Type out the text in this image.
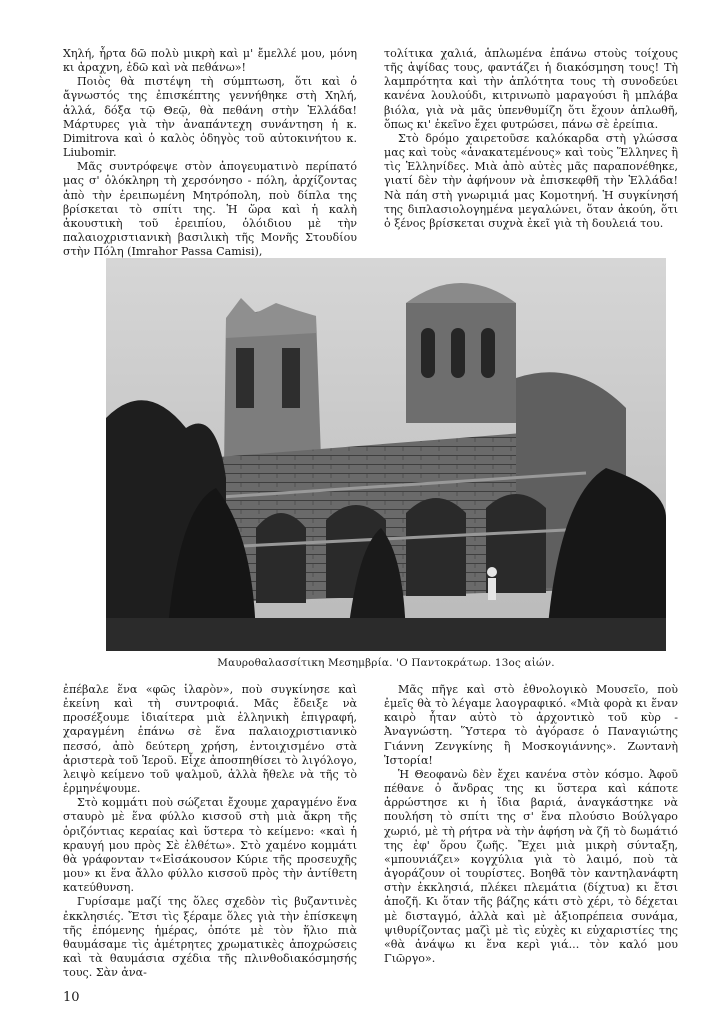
Χηλή, ἦρτα δῶ πολὺ μικρὴ καὶ μ' ἔμελλέ μου, μόνη κι ἀραχνη, ἐδῶ καὶ νὰ πεθάνω»!

Ποιὸς θὰ πιστέψη τὴ σύμπτωση, ὅτι καὶ ὁ ἄγνωστός της ἐπισκέπτης γεννήθηκε στὴ Χηλή, ἀλλά, δόξα τῷ Θεῷ, θὰ πεθάνη στὴν Ἑλλάδα! Μάρτυρες γιὰ τὴν ἀναπάντεχη συνάντηση ἡ κ. Dimitrova καὶ ὁ καλὸς ὁδηγὸς τοῦ αὐτοκινήτου κ. Liubomir.

Μᾶς συντρόφεψε στὸν ἀπογευματινὸ περίπατό μας σ' ὁλόκληρη τὴ χερσόνησο - πόλη, ἀρχίζοντας ἀπὸ τὴν ἐρειπωμένη Μητρόπολη, ποὺ δίπλα της βρίσκεται τὸ σπίτι της. Ἡ ὥρα καὶ ἡ καλὴ ἀκουστικὴ τοῦ ἐρειπίου, ὁλόιδιου μὲ τὴν παλαιοχριστιανικὴ βασιλικὴ τῆς Μονῆς Στουδίου στὴν Πόλη (Imrahor Passa Camisi),

τολίτικα χαλιά, ἁπλωμένα ἐπάνω στοὺς τοίχους τῆς ἀψίδας τους, φαντάζει ἡ διακόσμηση τους! Τὴ λαμπρότητα καὶ τὴν ἁπλότητα τους τὴ συνοδεύει κανένα λουλούδι, κιτρινωπὸ μαραγούσι ἢ μπλάβα βιόλα, γιὰ νὰ μᾶς ὑπενθυμίζη ὅτι ἔχουν ἁπλωθῆ, ὅπως κι' ἐκεῖνο ἔχει φυτρώσει, πάνω σὲ ἐρείπια.

Στὸ δρόμο χαιρετοῦσε καλόκαρδα στὴ γλώσσα μας καὶ τοὺς «ἀνακατεμένους» καὶ τοὺς Ἕλληνες ἢ τὶς Ἑλληνίδες. Μιὰ ἀπὸ αὐτὲς μᾶς παραπονέθηκε, γιατί δὲν τὴν ἀφήνουν νὰ ἐπισκεφθῆ τὴν Ἑλλάδα! Νὰ πάη στὴ γνωριμιά μας Κομοτηνή. Ἡ συγκίνησή της διπλασιολογημένα μεγαλώνει, ὅταν ἀκούη, ὅτι ὁ ξένος βρίσκεται συχνὰ ἐκεῖ γιὰ τὴ δουλειά του.

Μαυροθαλασσίτικη Μεσημβρία. 'Ο Παντοκράτωρ. 13ος αἰών.

ἐπέβαλε ἕνα «φῶς ἱλαρὸν», ποὺ συγκίνησε καὶ ἐκείνη καὶ τὴ συντροφιά. Μᾶς ἔδειξε νὰ προσέξουμε ἰδιαίτερα μιὰ ἑλληνικὴ ἐπιγραφή, χαραγμένη ἐπάνω σὲ ἕνα παλαιοχριστιανικὸ πεσσό, ἀπὸ δεύτερη χρήση, ἐντοιχισμένο στὰ ἀριστερὰ τοῦ Ἱεροῦ. Εἶχε ἀποσπηθίσει τὸ λιγόλογο, λειψὸ κείμενο τοῦ ψαλμοῦ, ἀλλὰ ἤθελε νὰ τῆς τὸ ἑρμηνέψουμε.

Στὸ κομμάτι ποὺ σώζεται ἔχουμε χαραγμένο ἕνα σταυρὸ μὲ ἕνα φύλλο κισσοῦ στὴ μιὰ ἄκρη τῆς ὁριζόντιας κεραίας καὶ ὕστερα τὸ κείμενο: «καὶ ἡ κραυγή μου πρὸς Σὲ ἐλθέτω». Στὸ χαμένο κομμάτι θὰ γράφονταν τ«Εἰσάκουσον Κύριε τῆς προσευχῆς μου» κι ἕνα ἄλλο φύλλο κισσοῦ πρὸς τὴν ἀντίθετη κατεύθυνση.

Γυρίσαμε μαζί της ὅλες σχεδὸν τὶς βυζαντινὲς ἐκκλησιές. Ἔτσι τὶς ξέραμε ὅλες γιὰ τὴν ἐπίσκεψη τῆς ἐπόμενης ἡμέρας, ὁπότε μὲ τὸν ἥλιο πιὰ θαυμάσαμε τὶς ἀμέτρητες χρωματικὲς ἀποχρώσεις καὶ τὰ θαυμάσια σχέδια τῆς πλινθοδιακόσμησής τους. Σὰν ἀνα-

Μᾶς πῆγε καὶ στὸ ἐθνολογικὸ Μουσεῖο, ποὺ ἐμεῖς θὰ τὸ λέγαμε λαογραφικό. «Μιὰ φορὰ κι ἕναν καιρὸ ἦταν αὐτὸ τὸ ἀρχοντικὸ τοῦ κὺρ - Ἀναγνώστη. Ὕστερα τὸ ἀγόρασε ὁ Παναγιώτης Γιάννη Ζενγκίνης ἢ Μοσκογιάννης». Ζωντανὴ Ἱστορία!

Ἡ Θεοφανὼ δὲν ἔχει κανένα στὸν κόσμο. Ἀφοῦ πέθανε ὁ ἄνδρας της κι ὕστερα καὶ κάποτε ἀρρώστησε κι ἡ ἴδια βαριά, ἀναγκάστηκε νὰ πουλήση τὸ σπίτι της σ' ἕνα πλούσιο Βούλγαρο χωριό, μὲ τὴ ρήτρα νὰ τὴν ἀφήση νὰ ζῆ τὸ δωμάτιό της ἐφ' ὅρου ζωῆς. Ἔχει μιὰ μικρὴ σύνταξη, «μπουνιάζει» κογχύλια γιὰ τὸ λαιμό, ποὺ τὰ ἀγοράζουν οἱ τουρίστες. Βοηθᾶ τὸν καντηλανάφτη στὴν ἐκκλησιά, πλέκει πλεμάτια (δίχτυα) κι ἔτσι ἀποζῆ. Κι ὅταν τῆς βάζης κάτι στὸ χέρι, τὸ δέχεται μὲ δισταγμό, ἀλλὰ καὶ μὲ ἀξιοπρέπεια συνάμα, ψιθυρίζοντας μαζὶ μὲ τὶς εὐχὲς κι εὐχαριστίες της «θὰ ἀνάψω κι ἕνα κερὶ γιά... τὸν καλό μου Γιῶργο».

10
